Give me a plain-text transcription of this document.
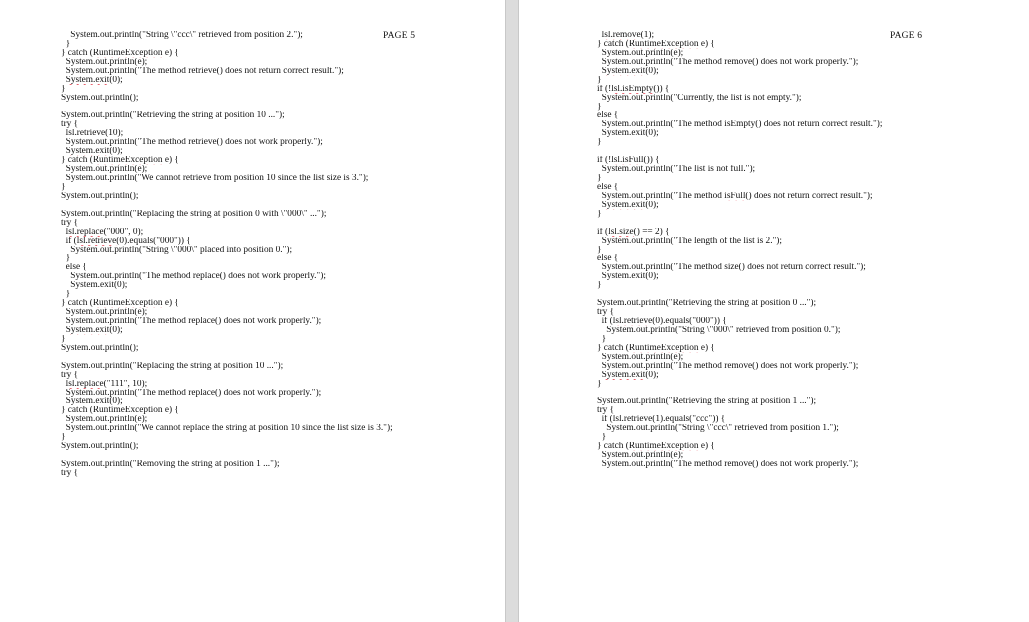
PAGE 5
System.out.println("String \"ccc\" retrieved from position 2.");
}
} catch (RuntimeException e) {
System.out.println(e);
System.out.println("The method retrieve() does not return correct result.");
System.exit(0);
}
System.out.println();
System.out.println("Retrieving the string at position 10 ...");
try {
lsl.retrieve(10);
System.out.println("The method retrieve() does not work properly.");
System.exit(0);
} catch (RuntimeException e) {
System.out.println(e);
System.out.println("We cannot retrieve from position 10 since the list size is 3.");
}
System.out.println();
System.out.println("Replacing the string at position 0 with \"000\" ...");
try {
lsl.replace("000", 0);
if (lsl.retrieve(0).equals("000")) {
System.out.println("String \"000\" placed into position 0.");
}
else {
System.out.println("The method replace() does not work properly.");
System.exit(0);
}
} catch (RuntimeException e) {
System.out.println(e);
System.out.println("The method replace() does not work properly.");
System.exit(0);
}
System.out.println();
System.out.println("Replacing the string at position 10 ...");
try {
lsl.replace("111", 10);
System.out.println("The method replace() does not work properly.");
System.exit(0);
} catch (RuntimeException e) {
System.out.println(e);
System.out.println("We cannot replace the string at position 10 since the list size is 3.");
}
System.out.println();
System.out.println("Removing the string at position 1 ...");
try {
PAGE 6
lsl.remove(1);
} catch (RuntimeException e) {
System.out.println(e);
System.out.println("The method remove() does not work properly.");
System.exit(0);
}
if (!lsl.isEmpty()) {
System.out.println("Currently, the list is not empty.");
}
else {
System.out.println("The method isEmpty() does not return correct result.");
System.exit(0);
}
if (!lsl.isFull()) {
System.out.println("The list is not full.");
}
else {
System.out.println("The method isFull() does not return correct result.");
System.exit(0);
}
if (lsl.size() == 2) {
System.out.println("The length of the list is 2.");
}
else {
System.out.println("The method size() does not return correct result.");
System.exit(0);
}
System.out.println("Retrieving the string at position 0 ...");
try {
if (lsl.retrieve(0).equals("000")) {
System.out.println("String \"000\" retrieved from position 0.");
}
} catch (RuntimeException e) {
System.out.println(e);
System.out.println("The method remove() does not work properly.");
System.exit(0);
}
System.out.println("Retrieving the string at position 1 ...");
try {
if (lsl.retrieve(1).equals("ccc")) {
System.out.println("String \"ccc\" retrieved from position 1.");
}
} catch (RuntimeException e) {
System.out.println(e);
System.out.println("The method remove() does not work properly.");
